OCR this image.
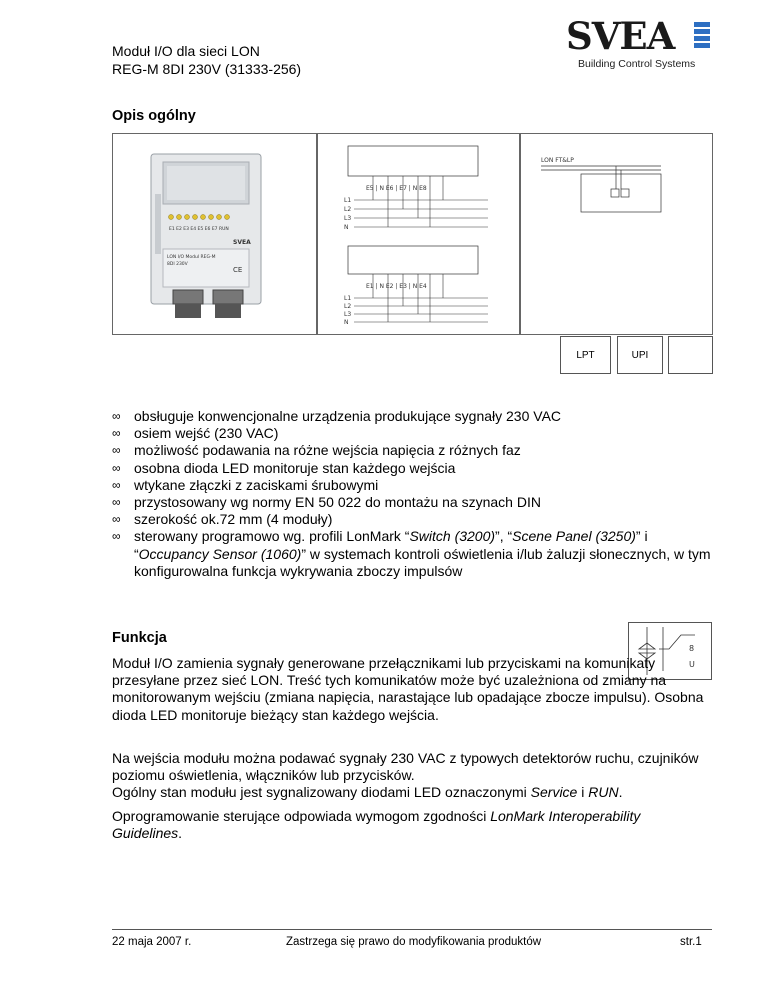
Moduł I/O dla sieci LON
REG-M 8DI 230V (31333-256)
SVEA
Building Control Systems
Opis ogólny
E1 E2 E3 E4 E5 E6 E7 RUN
SVEA
LON I/O Modul REG-M
8DI 230V
CE
E5 | N E6 | E7 | N E8
L1
L2
L3
N
E1 | N E2 | E3 | N E4
L1
L2
L3
N
LON FT&LP
LPT	UPI
∞ obsługuje konwencjonalne urządzenia produkujące sygnały 230 VAC
∞ osiem wejść (230 VAC)
∞ możliwość podawania na różne wejścia napięcia z różnych faz
∞ osobna dioda LED monitoruje stan każdego wejścia
∞ wtykane złączki z zaciskami śrubowymi
∞ przystosowany wg normy EN 50 022 do montażu na szynach DIN
∞ szerokość ok.72 mm (4 moduły)
∞ sterowany programowo wg. profili LonMark “Switch (3200)”, “Scene Panel (3250)” i “Occupancy Sensor (1060)” w systemach kontroli oświetlenia i/lub żaluzji słonecznych, w tym konfigurowalna funkcja wykrywania zboczy impulsów
Funkcja
8
U

Moduł I/O zamienia sygnały generowane przełącznikami lub przyciskami na komunikaty przesyłane przez sieć LON. Treść tych komunikatów może być uzależniona od zmiany na monitorowanym wejściu (zmiana napięcia, narastające lub opadające zbocze impulsu). Osobna dioda LED monitoruje bieżący stan każdego wejścia.

Na wejścia modułu można podawać sygnały 230 VAC z typowych detektorów ruchu, czujników poziomu oświetlenia, włączników lub przycisków.

Ogólny stan modułu jest sygnalizowany diodami LED oznaczonymi Service i RUN.

Oprogramowanie sterujące odpowiada wymogom zgodności LonMark Interoperability Guidelines.

22 maja 2007 r.	Zastrzega się prawo do modyfikowania produktów	str.1
